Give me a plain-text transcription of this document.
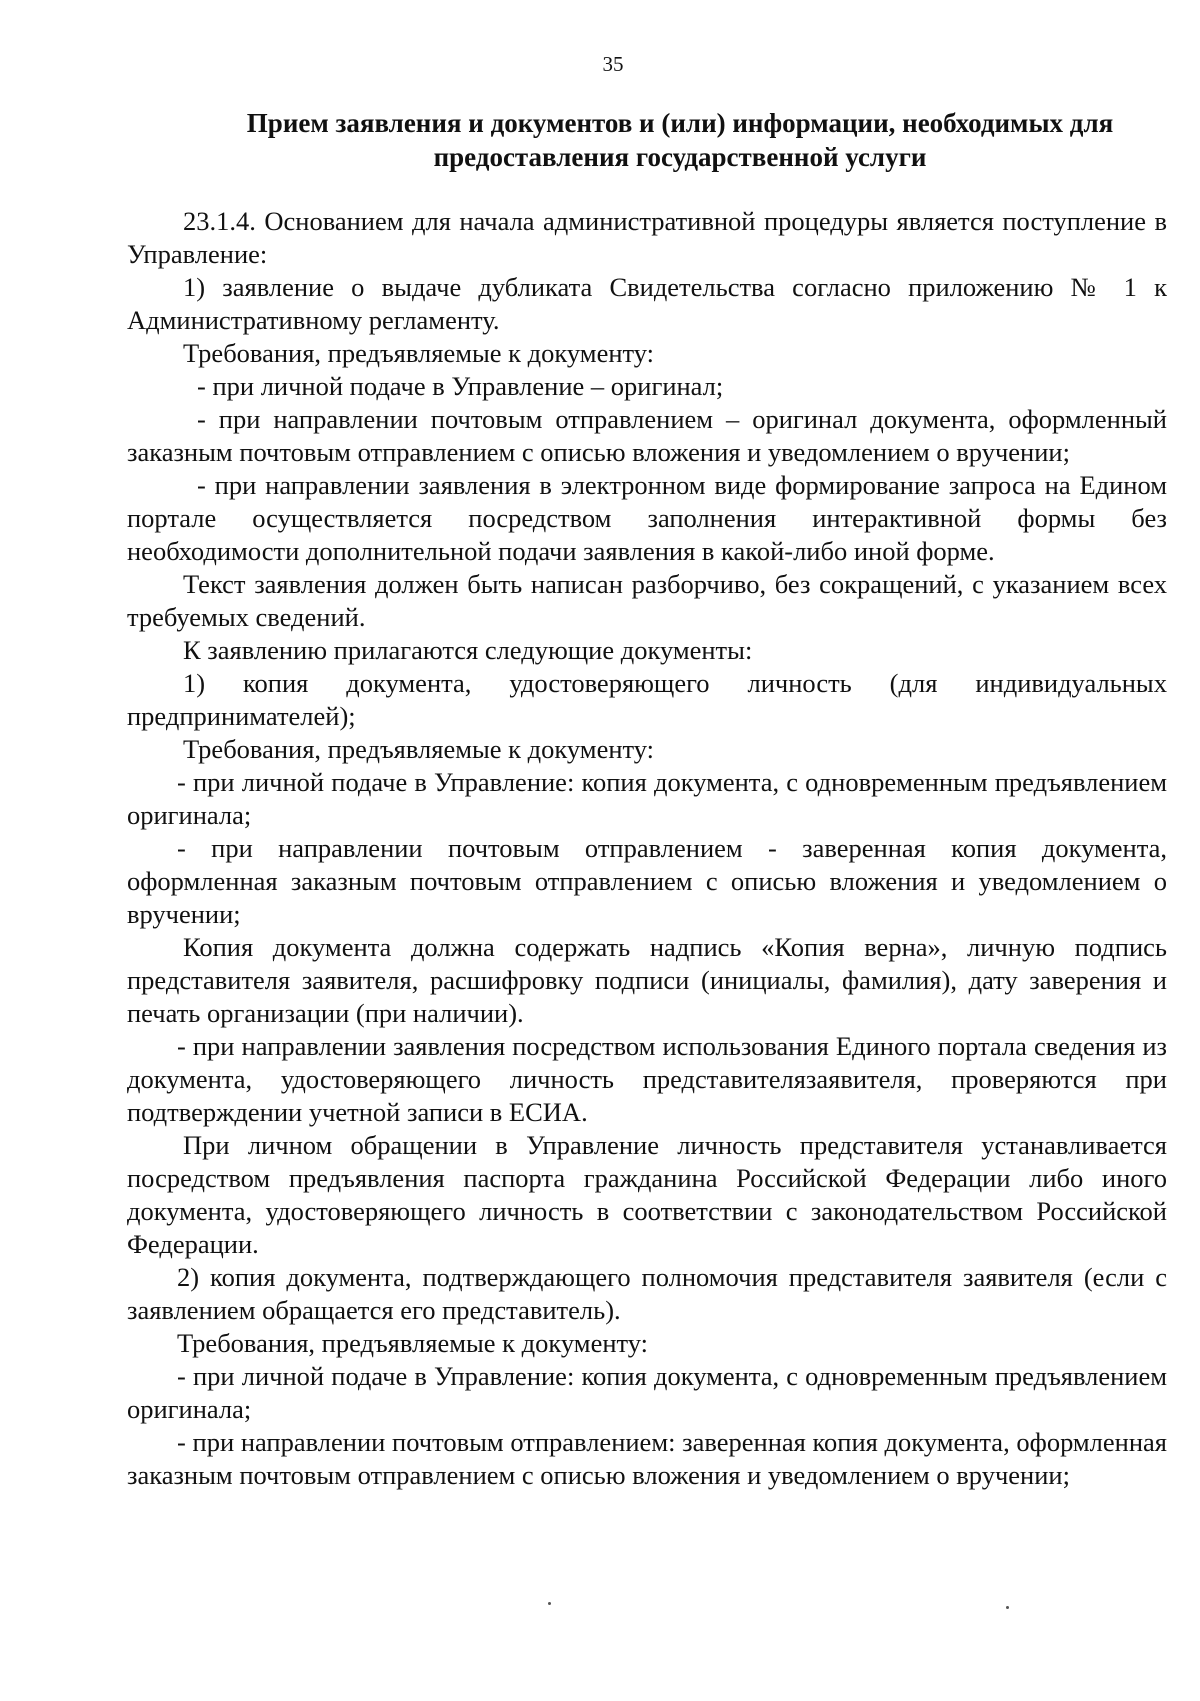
35
Прием заявления и документов и (или) информации, необходимых для
предоставления государственной услуги

23.1.4. Основанием для начала административной процедуры является поступление в Управление:

1) заявление о выдаче дубликата Свидетельства согласно приложению № 1 к Административному регламенту.

Требования, предъявляемые к документу:

- при личной подаче в Управление – оригинал;

- при направлении почтовым отправлением – оригинал документа, оформленный заказным почтовым отправлением с описью вложения и уведомлением о вручении;

- при направлении заявления в электронном виде формирование запроса на Едином портале осуществляется посредством заполнения интерактивной формы без необходимости дополнительной подачи заявления в какой-либо иной форме.

Текст заявления должен быть написан разборчиво, без сокращений, с указанием всех требуемых сведений.

К заявлению прилагаются следующие документы:

1) копия документа, удостоверяющего личность (для индивидуальных предпринимателей);

Требования, предъявляемые к документу:

- при личной подаче в Управление: копия документа, с одновременным предъявлением оригинала;

- при направлении почтовым отправлением - заверенная копия документа, оформленная заказным почтовым отправлением с описью вложения и уведомлением о вручении;

Копия документа должна содержать надпись «Копия верна», личную подпись представителя заявителя, расшифровку подписи (инициалы, фамилия), дату заверения и печать организации (при наличии).

- при направлении заявления посредством использования Единого портала сведения из документа, удостоверяющего личность представителязаявителя, проверяются при подтверждении учетной записи в ЕСИА.

При личном обращении в Управление личность представителя устанавливается посредством предъявления паспорта гражданина Российской Федерации либо иного документа, удостоверяющего личность в соответствии с законодательством Российской Федерации.

2) копия документа, подтверждающего полномочия представителя заявителя (если с заявлением обращается его представитель).

Требования, предъявляемые к документу:

- при личной подаче в Управление: копия документа, с одновременным предъявлением оригинала;

- при направлении почтовым отправлением: заверенная копия документа, оформленная заказным почтовым отправлением с описью вложения и уведомлением о вручении;
